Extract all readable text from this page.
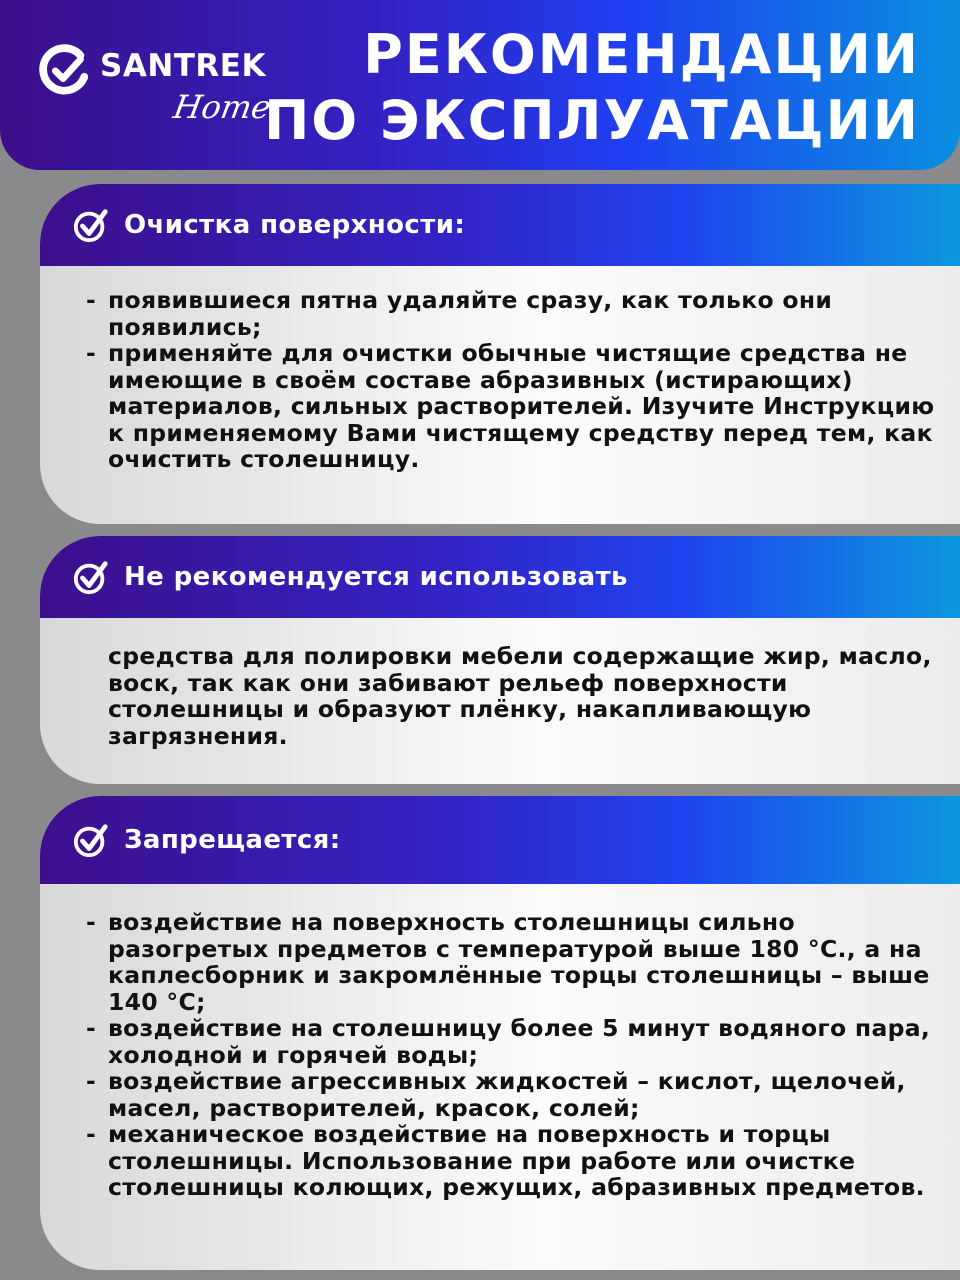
SANTREK
Home
РЕКОМЕНДАЦИИ
ПО ЭКСПЛУАТАЦИИ
Очистка поверхности:
- появившиеся пятна удаляйте сразу, как только они появились;
- применяйте для очистки обычные чистящие средства не имеющие в своём составе абразивных (истирающих) материалов, сильных растворителей. Изучите Инструкцию к применяемому Вами чистящему средству перед тем, как очистить столешницу.
Не рекомендуется использовать
средства для полировки мебели содержащие жир, масло, воск, так как они забивают рельеф поверхности столешницы и образуют плёнку, накапливающую загрязнения.
Запрещается:
- воздействие на поверхность столешницы сильно разогретых предметов с температурой выше 180 °С., а на каплесборник и закромлённые торцы столешницы – выше 140 °С;
- воздействие на столешницу более 5 минут водяного пара, холодной и горячей воды;
- воздействие агрессивных жидкостей – кислот, щелочей, масел, растворителей, красок, солей;
- механическое воздействие на поверхность и торцы столешницы. Использование при работе или очистке столешницы колющих, режущих, абразивных предметов.
